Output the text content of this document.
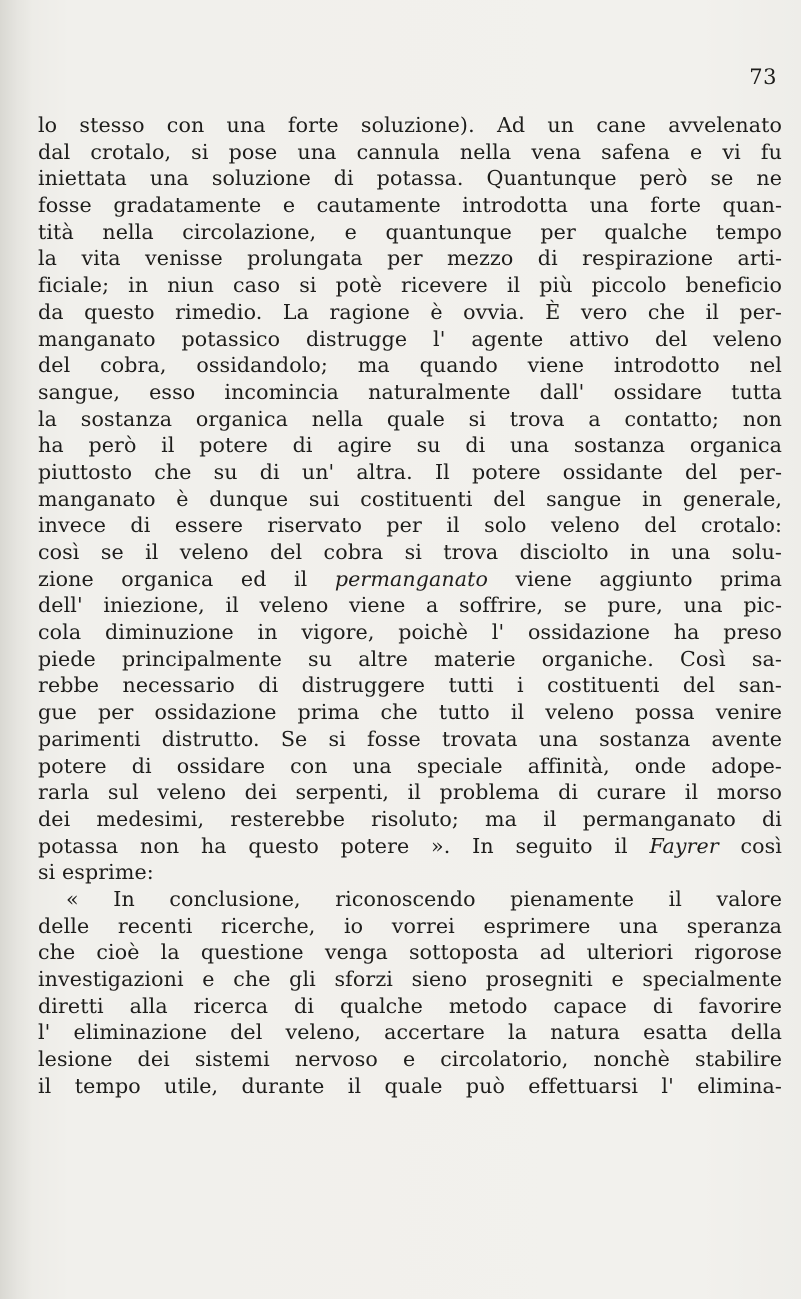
73
lo stesso con una forte soluzione). Ad un cane avvelenato
dal crotalo, si pose una cannula nella vena safena e vi fu
iniettata una soluzione di potassa. Quantunque però se ne
fosse gradatamente e cautamente introdotta una forte quan-
tità nella circolazione, e quantunque per qualche tempo
la vita venisse prolungata per mezzo di respirazione arti-
ficiale; in niun caso si potè ricevere il più piccolo beneficio
da questo rimedio. La ragione è ovvia. È vero che il per-
manganato potassico distrugge l' agente attivo del veleno
del cobra, ossidandolo; ma quando viene introdotto nel
sangue, esso incomincia naturalmente dall' ossidare tutta
la sostanza organica nella quale si trova a contatto; non
ha però il potere di agire su di una sostanza organica
piuttosto che su di un' altra. Il potere ossidante del per-
manganato è dunque sui costituenti del sangue in generale,
invece di essere riservato per il solo veleno del crotalo:
così se il veleno del cobra si trova disciolto in una solu-
zione organica ed il permanganato viene aggiunto prima
dell' iniezione, il veleno viene a soffrire, se pure, una pic-
cola diminuzione in vigore, poichè l' ossidazione ha preso
piede principalmente su altre materie organiche. Così sa-
rebbe necessario di distruggere tutti i costituenti del san-
gue per ossidazione prima che tutto il veleno possa venire
parimenti distrutto. Se si fosse trovata una sostanza avente
potere di ossidare con una speciale affinità, onde adope-
rarla sul veleno dei serpenti, il problema di curare il morso
dei medesimi, resterebbe risoluto; ma il permanganato di
potassa non ha questo potere ». In seguito il Fayrer così
si esprime:
« In conclusione, riconoscendo pienamente il valore
delle recenti ricerche, io vorrei esprimere una speranza
che cioè la questione venga sottoposta ad ulteriori rigorose
investigazioni e che gli sforzi sieno prosegniti e specialmente
diretti alla ricerca di qualche metodo capace di favorire
l' eliminazione del veleno, accertare la natura esatta della
lesione dei sistemi nervoso e circolatorio, nonchè stabilire
il tempo utile, durante il quale può effettuarsi l' elimina-
